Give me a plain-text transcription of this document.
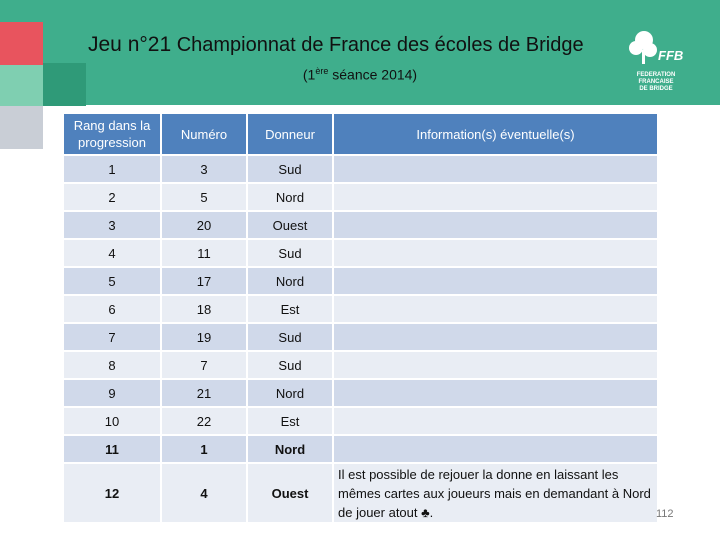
Jeu n°21 Championnat de France des écoles de Bridge
(1ère séance 2014)
FFB
FEDERATION
FRANCAISE
DE BRIDGE
Rang dans la progression	Numéro	Donneur	Information(s) éventuelle(s)
1	3	Sud	
2	5	Nord	
3	20	Ouest	
4	11	Sud	
5	17	Nord	
6	18	Est	
7	19	Sud	
8	7	Sud	
9	21	Nord	
10	22	Est	
11	1	Nord	
12	4	Ouest	Il est possible de rejouer la donne en laissant les mêmes cartes aux joueurs mais en demandant à Nord de jouer atout ♣.	112
